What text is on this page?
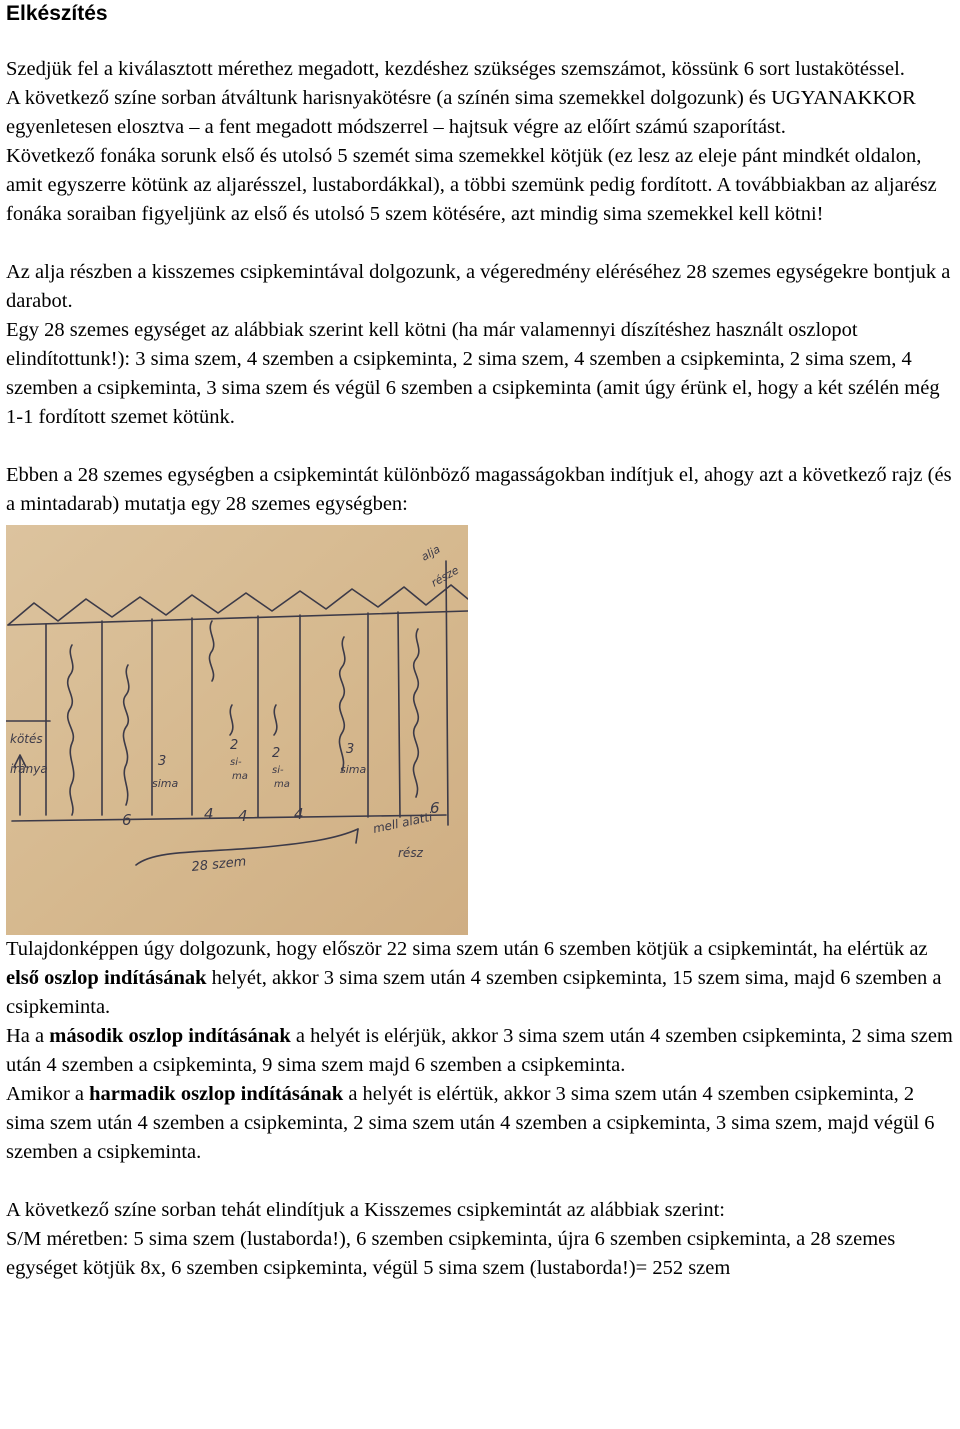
Elkészítés

Szedjük fel a kiválasztott mérethez megadott, kezdéshez szükséges szemszámot, kössünk 6 sort lustakötéssel.

A következő színe sorban átváltunk harisnyakötésre (a színén sima szemekkel dolgozunk) és UGYANAKKOR egyenletesen elosztva – a fent megadott módszerrel – hajtsuk végre az előírt számú szaporítást.

Következő fonáka sorunk első és utolsó 5 szemét sima szemekkel kötjük (ez lesz az eleje pánt mindkét oldalon, amit egyszerre kötünk az aljarésszel, lustabordákkal), a többi szemünk pedig fordított. A továbbiakban az aljarész fonáka soraiban figyeljünk az első és utolsó 5 szem kötésére, azt mindig sima szemekkel kell kötni!

Az alja részben a kisszemes csipkemintával dolgozunk, a végeredmény eléréséhez 28 szemes egységekre bontjuk a darabot.

Egy 28 szemes egységet az alábbiak szerint kell kötni (ha már valamennyi díszítéshez használt oszlopot elindítottunk!): 3 sima szem, 4 szemben a csipkeminta, 2 sima szem, 4 szemben a csipkeminta, 2 sima szem, 4 szemben a csipkeminta, 3 sima szem és végül 6 szemben a csipkeminta (amit úgy érünk el, hogy a két szélén még 1-1 fordított szemet kötünk.

Ebben a 28 szemes egységben a csipkemintát különböző magasságokban indítjuk el, ahogy azt a következő rajz (és a mintadarab) mutatja egy 28 szemes egységben:

kötés
iránya
alja
része
3
sima
2
si-
ma
2
si-
ma
3
sima
6	4 4	4	6
28 szem
mell alatti
rész

Tulajdonképpen úgy dolgozunk, hogy először 22 sima szem után 6 szemben kötjük a csipkemintát, ha elértük az első oszlop indításának helyét, akkor 3 sima szem után 4 szemben csipkeminta, 15 szem sima, majd 6 szemben a csipkeminta.

Ha a második oszlop indításának a helyét is elérjük, akkor 3 sima szem után 4 szemben csipkeminta, 2 sima szem után 4 szemben a csipkeminta, 9 sima szem majd 6 szemben a csipkeminta.

Amikor a harmadik oszlop indításának a helyét is elértük, akkor 3 sima szem után 4 szemben csipkeminta, 2 sima szem után 4 szemben a csipkeminta, 2 sima szem után 4 szemben a csipkeminta, 3 sima szem, majd végül 6 szemben a csipkeminta.

A következő színe sorban tehát elindítjuk a Kisszemes csipkemintát az alábbiak szerint:

S/M méretben: 5 sima szem (lustaborda!), 6 szemben csipkeminta, újra 6 szemben csipkeminta, a 28 szemes egységet kötjük 8x, 6 szemben csipkeminta, végül 5 sima szem (lustaborda!)= 252 szem
